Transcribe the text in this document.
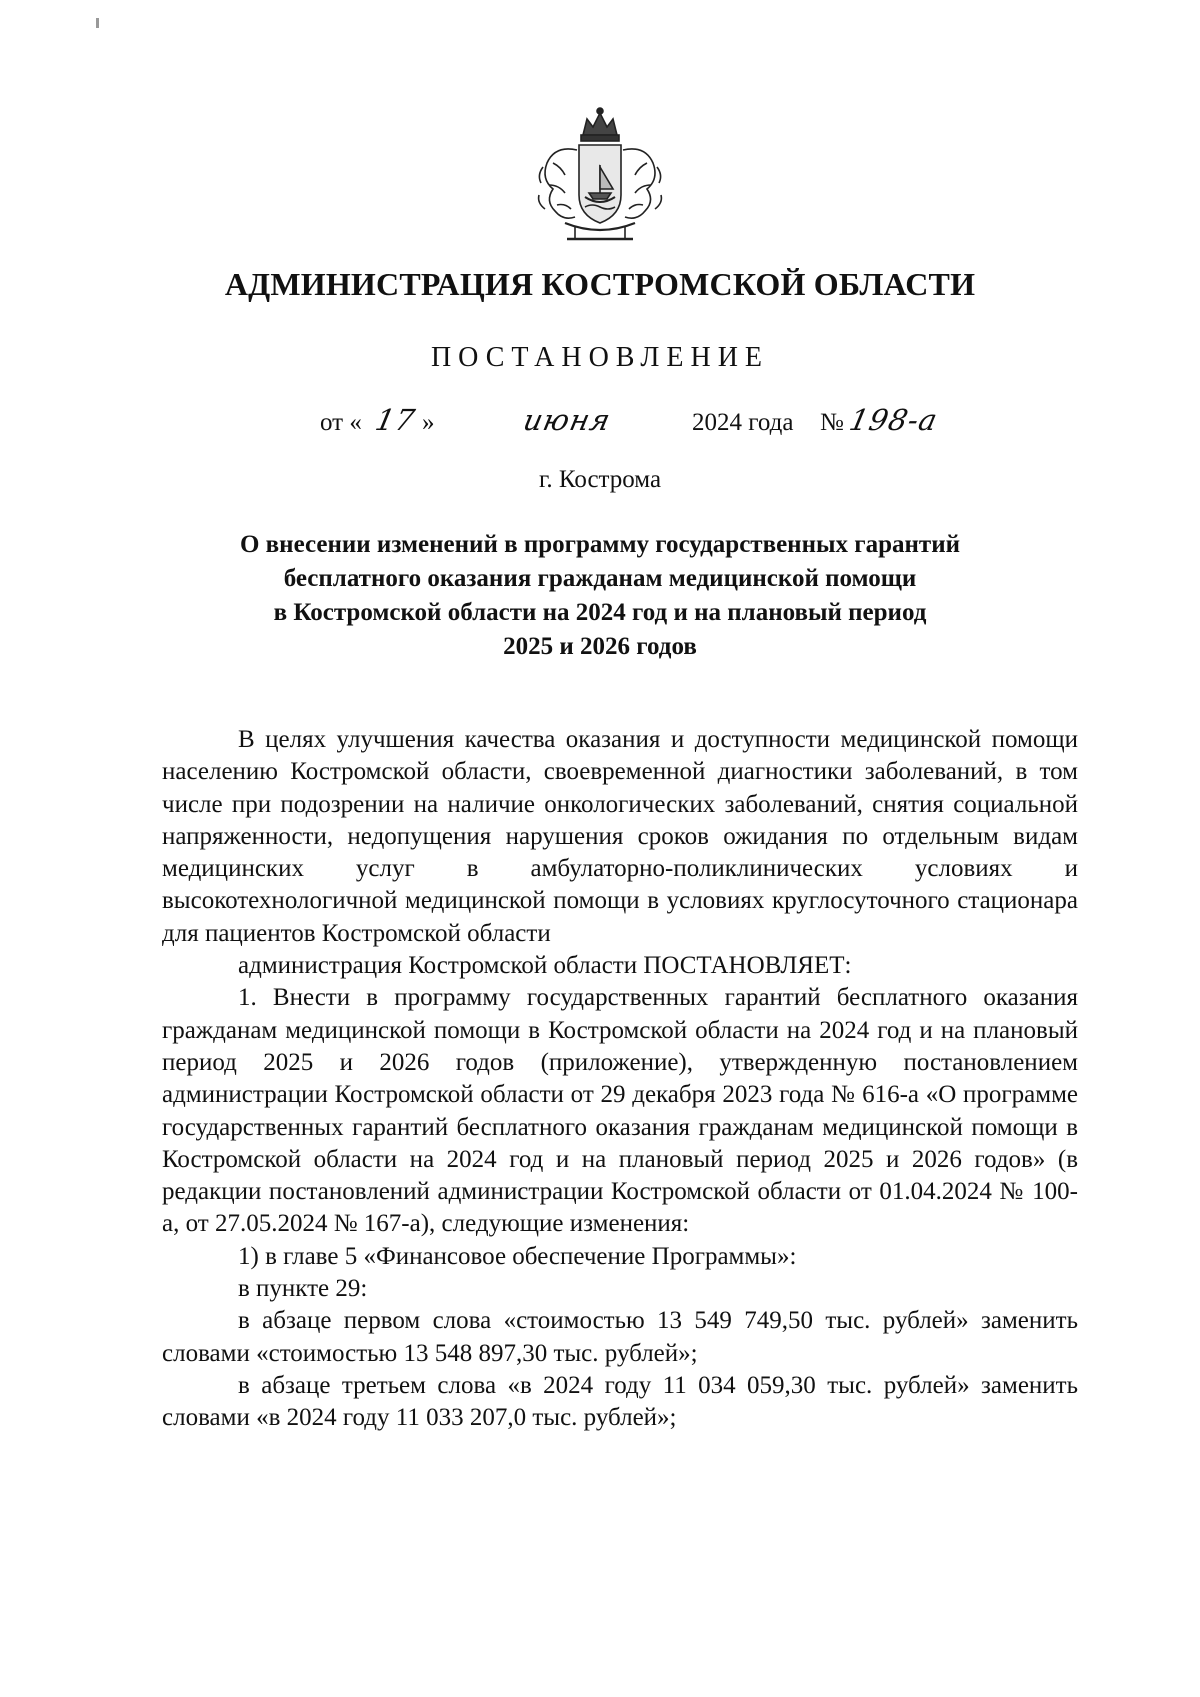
АДМИНИСТРАЦИЯ КОСТРОМСКОЙ ОБЛАСТИ
ПОСТАНОВЛЕНИЕ
от « 17 »	июня	2024 года № 198-а
г. Кострома
О внесении изменений в программу государственных гарантий
бесплатного оказания гражданам медицинской помощи
в Костромской области на 2024 год и на плановый период
2025 и 2026 годов

В целях улучшения качества оказания и доступности медицинской помощи населению Костромской области, своевременной диагностики заболеваний, в том числе при подозрении на наличие онкологических заболеваний, снятия социальной напряженности, недопущения нарушения сроков ожидания по отдельным видам медицинских услуг в амбулаторно-поликлинических условиях и высокотехнологичной медицинской помощи в условиях круглосуточного стационара для пациентов Костромской области

администрация Костромской области ПОСТАНОВЛЯЕТ:

1. Внести в программу государственных гарантий бесплатного оказания гражданам медицинской помощи в Костромской области на 2024 год и на плановый период 2025 и 2026 годов (приложение), утвержденную постановлением администрации Костромской области от 29 декабря 2023 года № 616-а «О программе государственных гарантий бесплатного оказания гражданам медицинской помощи в Костромской области на 2024 год и на плановый период 2025 и 2026 годов» (в редакции постановлений администрации Костромской области от 01.04.2024 № 100-а, от 27.05.2024 № 167-а), следующие изменения:

1) в главе 5 «Финансовое обеспечение Программы»:

в пункте 29:

в абзаце первом слова «стоимостью 13 549 749,50 тыс. рублей» заменить словами «стоимостью 13 548 897,30 тыс. рублей»;

в абзаце третьем слова «в 2024 году 11 034 059,30 тыс. рублей» заменить словами «в 2024 году 11 033 207,0 тыс. рублей»;
